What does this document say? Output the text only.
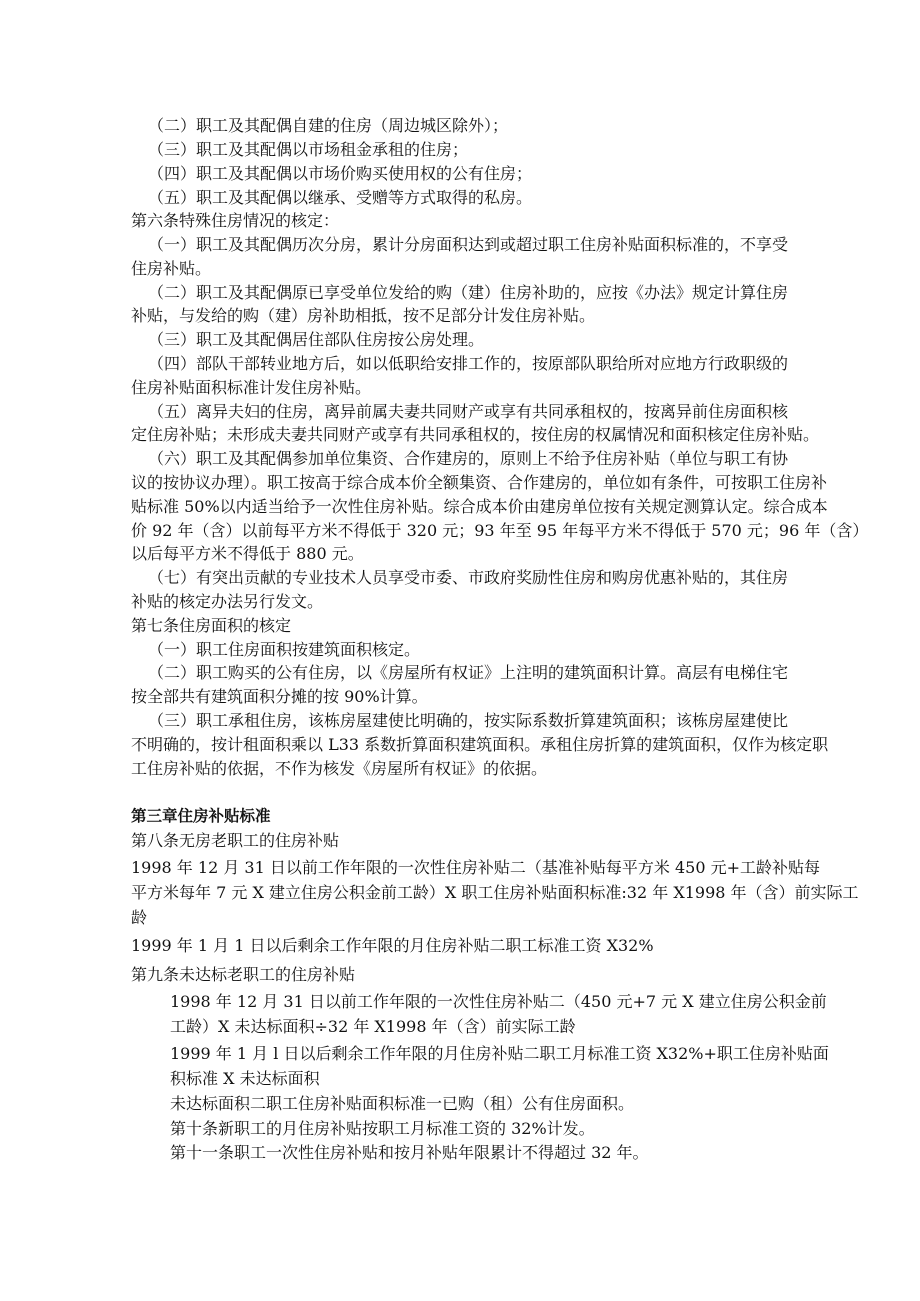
（二）职工及其配偶自建的住房（周边城区除外）；

（三）职工及其配偶以市场租金承租的住房；

（四）职工及其配偶以市场价购买使用权的公有住房；

（五）职工及其配偶以继承、受赠等方式取得的私房。

第六条特殊住房情况的核定：

（一）职工及其配偶历次分房，累计分房面积达到或超过职工住房补贴面积标准的，不享受

住房补贴。

（二）职工及其配偶原已享受单位发给的购（建）住房补助的，应按《办法》规定计算住房

补贴，与发给的购（建）房补助相抵，按不足部分计发住房补贴。

（三）职工及其配偶居住部队住房按公房处理。

（四）部队干部转业地方后，如以低职给安排工作的，按原部队职给所对应地方行政职级的

住房补贴面积标准计发住房补贴。

（五）离异夫妇的住房，离异前属夫妻共同财产或享有共同承租权的，按离异前住房面积核

定住房补贴；未形成夫妻共同财产或享有共同承租权的，按住房的权属情况和面积核定住房补贴。

（六）职工及其配偶参加单位集资、合作建房的，原则上不给予住房补贴（单位与职工有协

议的按协议办理）。职工按高于综合成本价全额集资、合作建房的，单位如有条件，可按职工住房补

贴标准 50%以内适当给予一次性住房补贴。综合成本价由建房单位按有关规定测算认定。综合成本

价 92 年（含）以前每平方米不得低于 320 元；93 年至 95 年每平方米不得低于 570 元；96 年（含）

以后每平方米不得低于 880 元。

（七）有突出贡献的专业技术人员享受市委、市政府奖励性住房和购房优惠补贴的，其住房

补贴的核定办法另行发文。

第七条住房面积的核定

（一）职工住房面积按建筑面积核定。

（二）职工购买的公有住房，以《房屋所有权证》上注明的建筑面积计算。高层有电梯住宅

按全部共有建筑面积分摊的按 90%计算。

（三）职工承租住房，该栋房屋建使比明确的，按实际系数折算建筑面积；该栋房屋建使比

不明确的，按计租面积乘以 L33 系数折算面积建筑面积。承租住房折算的建筑面积，仅作为核定职

工住房补贴的依据，不作为核发《房屋所有权证》的依据。

第三章住房补贴标准

第八条无房老职工的住房补贴

1998 年 12 月 31 日以前工作年限的一次性住房补贴二（基准补贴每平方米 450 元+工龄补贴每

平方米每年 7 元 X 建立住房公积金前工龄）X 职工住房补贴面积标准:32 年 X1998 年（含）前实际工

龄

1999 年 1 月 1 日以后剩余工作年限的月住房补贴二职工标准工资 X32%

第九条未达标老职工的住房补贴

1998 年 12 月 31 日以前工作年限的一次性住房补贴二（450 元+7 元 X 建立住房公积金前

工龄）X 未达标面积÷32 年 X1998 年（含）前实际工龄

1999 年 1 月 l 日以后剩余工作年限的月住房补贴二职工月标准工资 X32%+职工住房补贴面

积标准 X 未达标面积

未达标面积二职工住房补贴面积标准一已购（租）公有住房面积。

第十条新职工的月住房补贴按职工月标准工资的 32%计发。

第十一条职工一次性住房补贴和按月补贴年限累计不得超过 32 年。
